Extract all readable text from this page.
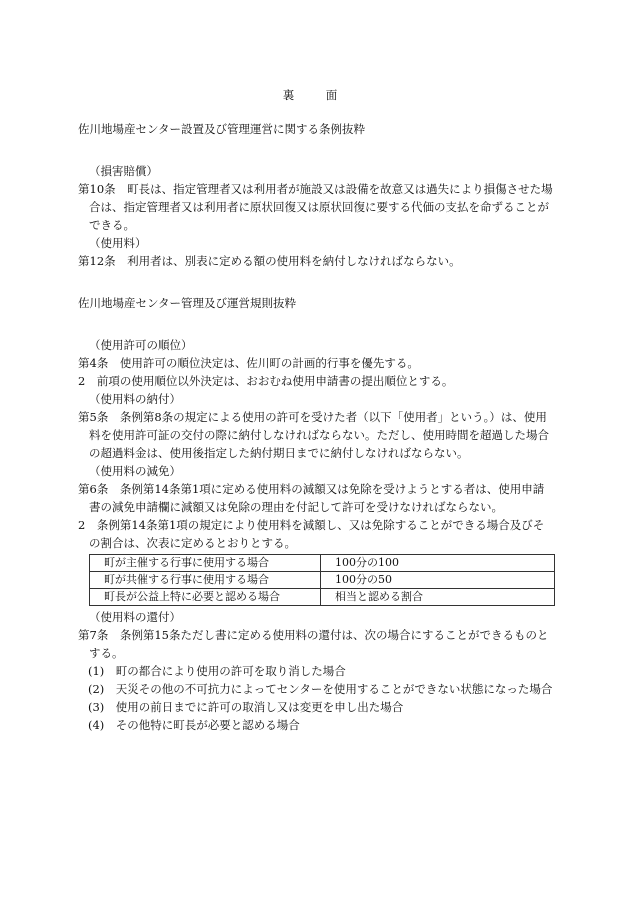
裏　面

佐川地場産センター設置及び管理運営に関する条例抜粋

（損害賠償）

第10条　町長は、指定管理者又は利用者が施設又は設備を故意又は過失により損傷させた場合は、指定管理者又は利用者に原状回復又は原状回復に要する代価の支払を命ずることができる。

（使用料）

第12条　利用者は、別表に定める額の使用料を納付しなければならない。

佐川地場産センター管理及び運営規則抜粋

（使用許可の順位）

第4条　使用許可の順位決定は、佐川町の計画的行事を優先する。

2　前項の使用順位以外決定は、おおむね使用申請書の提出順位とする。

（使用料の納付）

第5条　条例第8条の規定による使用の許可を受けた者（以下「使用者」という。）は、使用料を使用許可証の交付の際に納付しなければならない。ただし、使用時間を超過した場合の超過料金は、使用後指定した納付期日までに納付しなければならない。

（使用料の減免）

第6条　条例第14条第1項に定める使用料の減額又は免除を受けようとする者は、使用申請書の減免申請欄に減額又は免除の理由を付記して許可を受けなければならない。

2　条例第14条第1項の規定により使用料を減額し、又は免除することができる場合及びその割合は、次表に定めるとおりとする。

町が主催する行事に使用する場合	100分の100
町が共催する行事に使用する場合	100分の50
町長が公益上特に必要と認める場合	相当と認める割合

（使用料の還付）

第7条　条例第15条ただし書に定める使用料の還付は、次の場合にすることができるものとする。

(1)　町の都合により使用の許可を取り消した場合

(2)　天災その他の不可抗力によってセンターを使用することができない状態になった場合

(3)　使用の前日までに許可の取消し又は変更を申し出た場合

(4)　その他特に町長が必要と認める場合
